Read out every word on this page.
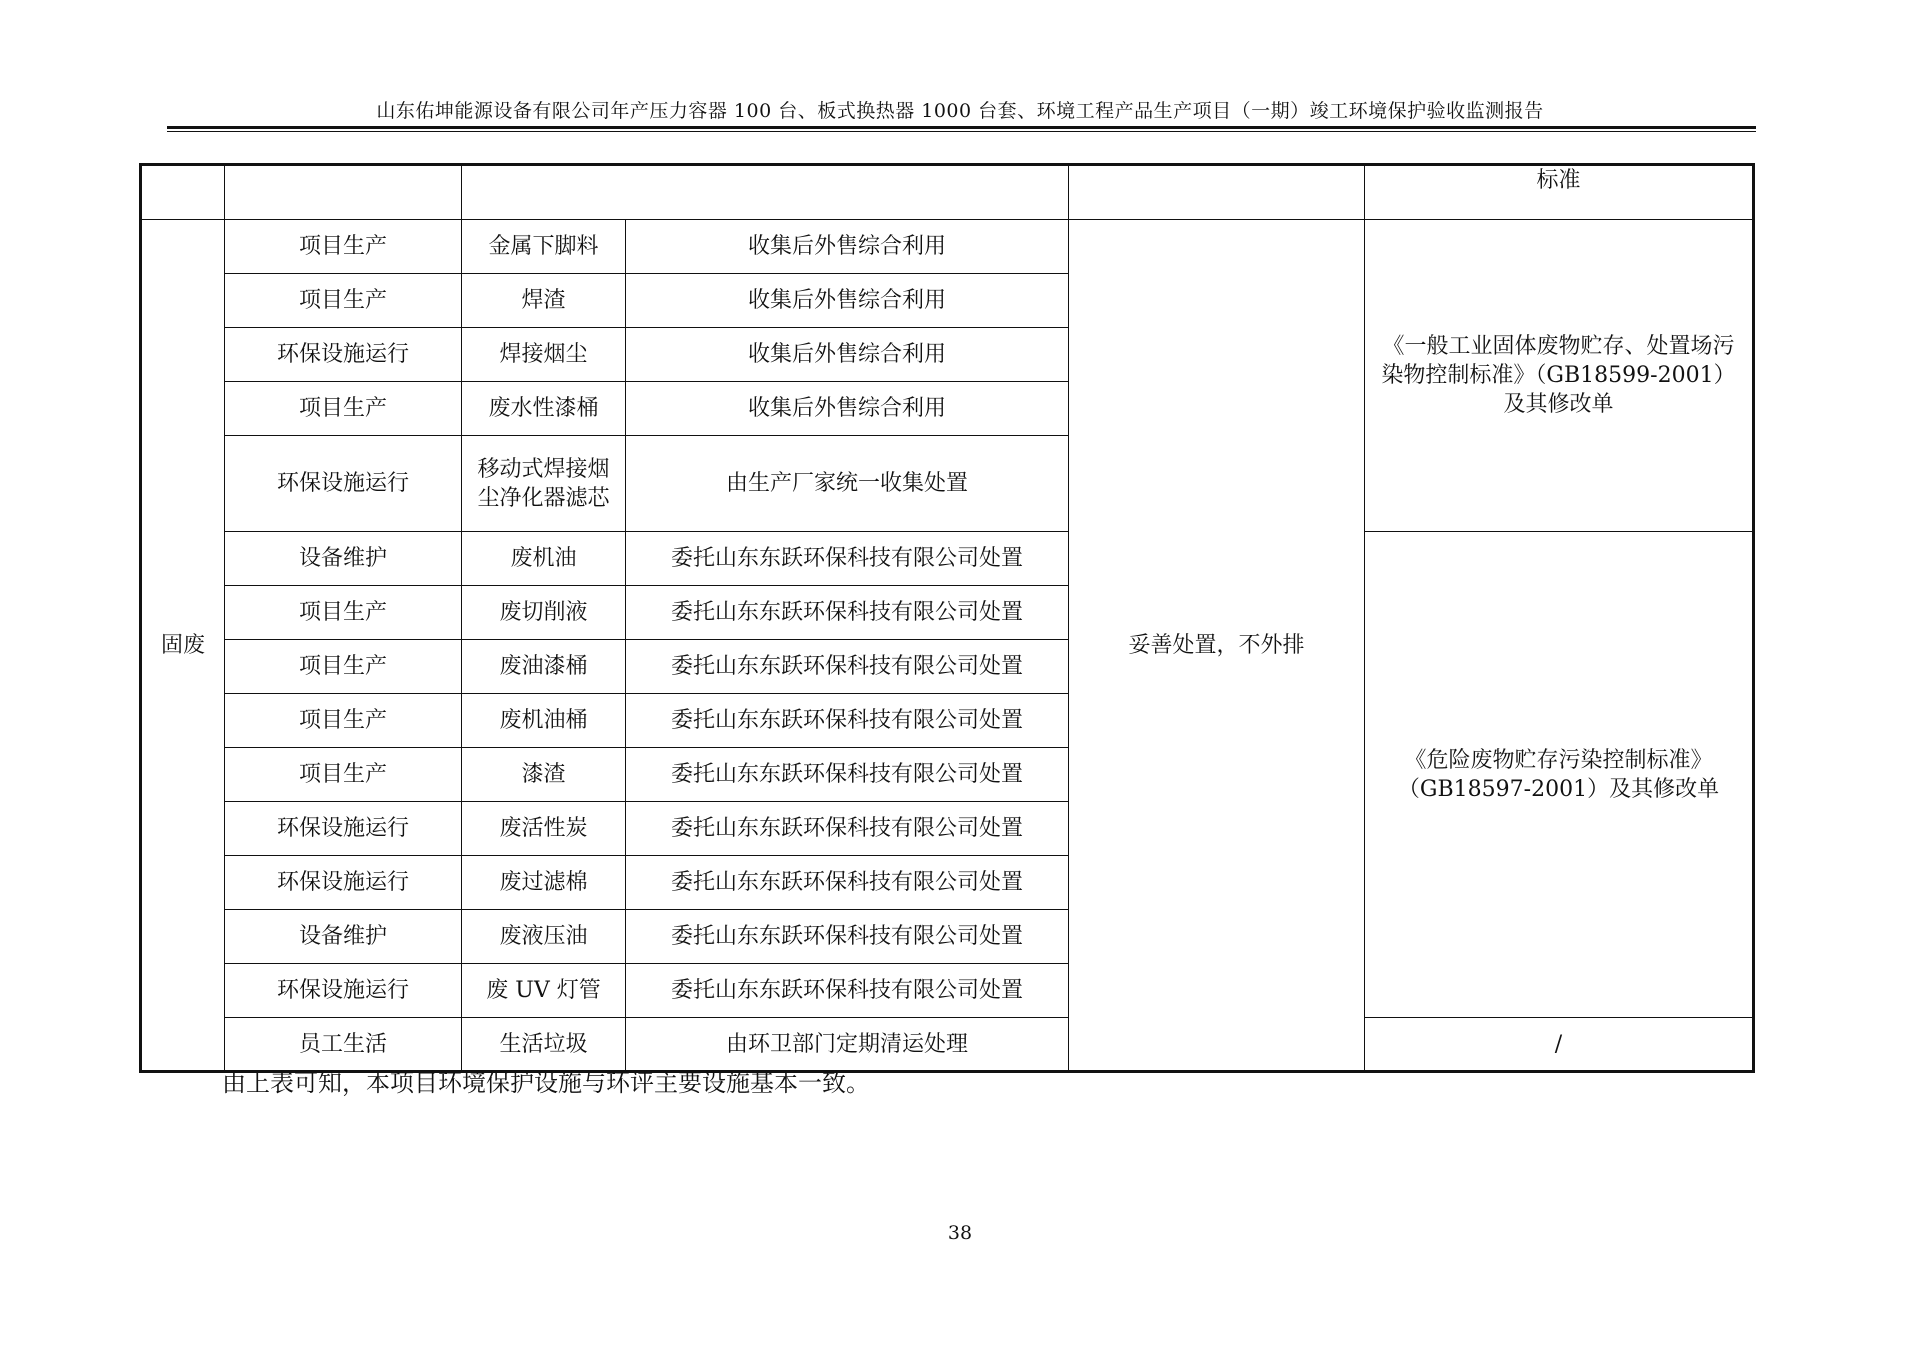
山东佑坤能源设备有限公司年产压力容器 100 台、板式换热器 1000 台套、环境工程产品生产项目（一期）竣工环境保护验收监测报告
					标准
固废	项目生产	金属下脚料	收集后外售综合利用	妥善处置，不外排	《一般工业固体废物贮存、处置场污染物控制标准》（GB18599-2001）及其修改单
	项目生产	焊渣	收集后外售综合利用		
	环保设施运行	焊接烟尘	收集后外售综合利用		
	项目生产	废水性漆桶	收集后外售综合利用		
	环保设施运行	移动式焊接烟尘净化器滤芯	由生产厂家统一收集处置		
	设备维护	废机油	委托山东东跃环保科技有限公司处置		《危险废物贮存污染控制标准》（GB18597-2001）及其修改单
	项目生产	废切削液	委托山东东跃环保科技有限公司处置		
	项目生产	废油漆桶	委托山东东跃环保科技有限公司处置		
	项目生产	废机油桶	委托山东东跃环保科技有限公司处置		
	项目生产	漆渣	委托山东东跃环保科技有限公司处置		
	环保设施运行	废活性炭	委托山东东跃环保科技有限公司处置		
	环保设施运行	废过滤棉	委托山东东跃环保科技有限公司处置		
	设备维护	废液压油	委托山东东跃环保科技有限公司处置		
	环保设施运行	废 UV 灯管	委托山东东跃环保科技有限公司处置		
	员工生活	生活垃圾	由环卫部门定期清运处理		/
由上表可知，本项目环境保护设施与环评主要设施基本一致。
38
